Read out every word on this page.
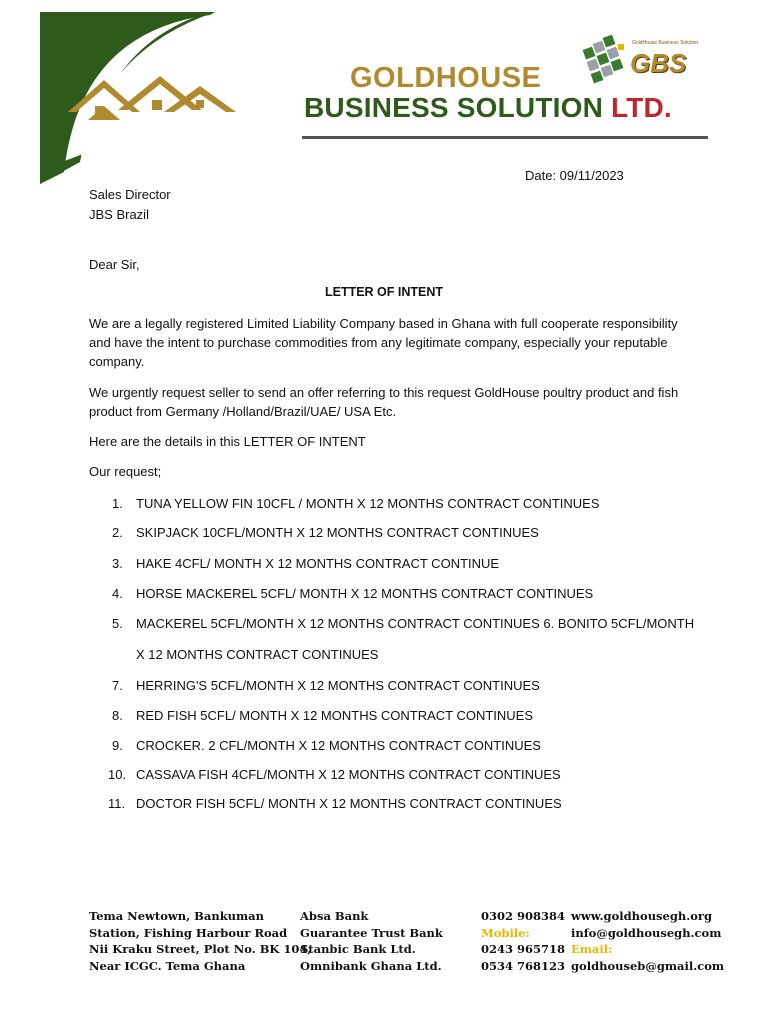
GOLDHOUSE
BUSINESS SOLUTION LTD.
GoldHouse Business Solution
GBS
Date: 09/11/2023
Sales Director
JBS Brazil
Dear Sir,
LETTER OF INTENT
We are a legally registered Limited Liability Company based in Ghana with full cooperate responsibility and have the intent to purchase commodities from any legitimate company, especially your reputable company.
We urgently request seller to send an offer referring to this request GoldHouse poultry product and fish product from Germany /Holland/Brazil/UAE/ USA Etc.
Here are the details in this LETTER OF INTENT
Our request;
1. TUNA YELLOW FIN 10CFL / MONTH X 12 MONTHS CONTRACT CONTINUES
2. SKIPJACK 10CFL/MONTH X 12 MONTHS CONTRACT CONTINUES
3. HAKE 4CFL/ MONTH X 12 MONTHS CONTRACT CONTINUE
4. HORSE MACKEREL 5CFL/ MONTH X 12 MONTHS CONTRACT CONTINUES
5. MACKEREL 5CFL/MONTH X 12 MONTHS CONTRACT CONTINUES 6. BONITO 5CFL/MONTH
X 12 MONTHS CONTRACT CONTINUES
7. HERRING'S 5CFL/MONTH X 12 MONTHS CONTRACT CONTINUES
8. RED FISH 5CFL/ MONTH X 12 MONTHS CONTRACT CONTINUES
9. CROCKER. 2 CFL/MONTH X 12 MONTHS CONTRACT CONTINUES
10. CASSAVA FISH 4CFL/MONTH X 12 MONTHS CONTRACT CONTINUES
11. DOCTOR FISH 5CFL/ MONTH X 12 MONTHS CONTRACT CONTINUES
Tema Newtown, Bankuman
Station, Fishing Harbour Road
Nii Kraku Street, Plot No. BK 104,
Near ICGC. Tema Ghana
Absa Bank
Guarantee Trust Bank
Stanbic Bank Ltd.
Omnibank Ghana Ltd.
0302 908384
Mobile:
0243 965718
0534 768123
www.goldhousegh.org
info@goldhousegh.com
Email:
goldhouseb@gmail.com
